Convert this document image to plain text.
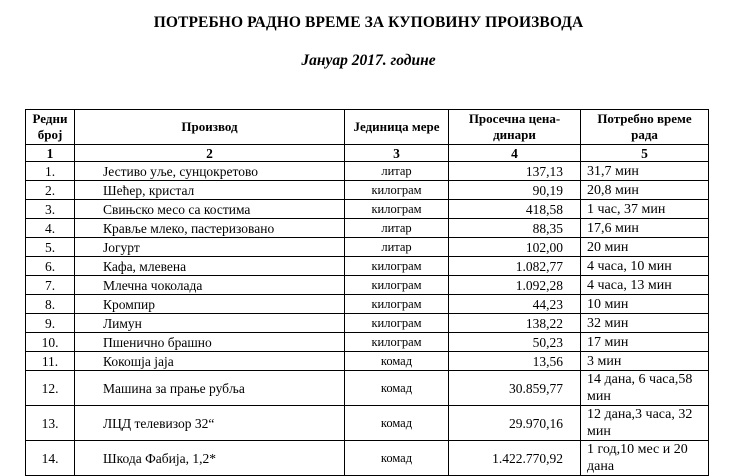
ПОТРЕБНО РАДНО ВРЕМЕ ЗА КУПОВИНУ ПРОИЗВОДА
Јануар 2017. године
Редни број	Производ	Јединица мере	Просечна цена-динари	Потребно време рада
1	2	3	4	5
1.	Јестиво уље, сунцокретово	литар	137,13	31,7 мин
2.	Шећер, кристал	килограм	90,19	20,8 мин
3.	Свињско месо са костима	килограм	418,58	1 час, 37 мин
4.	Крављe млеко, пастеризовано	литар	88,35	17,6 мин
5.	Јогурт	литар	102,00	20 мин
6.	Кафа, млевена	килограм	1.082,77	4 часа, 10 мин
7.	Млечна чоколада	килограм	1.092,28	4 часа, 13 мин
8.	Кромпир	килограм	44,23	10 мин
9.	Лимун	килограм	138,22	32 мин
10.	Пшенично брашно	килограм	50,23	17 мин
11.	Кокошја јаја	комад	13,56	3 мин
12.	Машина за прање рубља	комад	30.859,77	14 дана, 6 часа,58 мин
13.	ЛЦД телевизор 32“	комад	29.970,16	12 дана,3 часа, 32 мин
14.	Шкода Фабија, 1,2*	комад	1.422.770,92	1 год,10 мес и 20 дана
